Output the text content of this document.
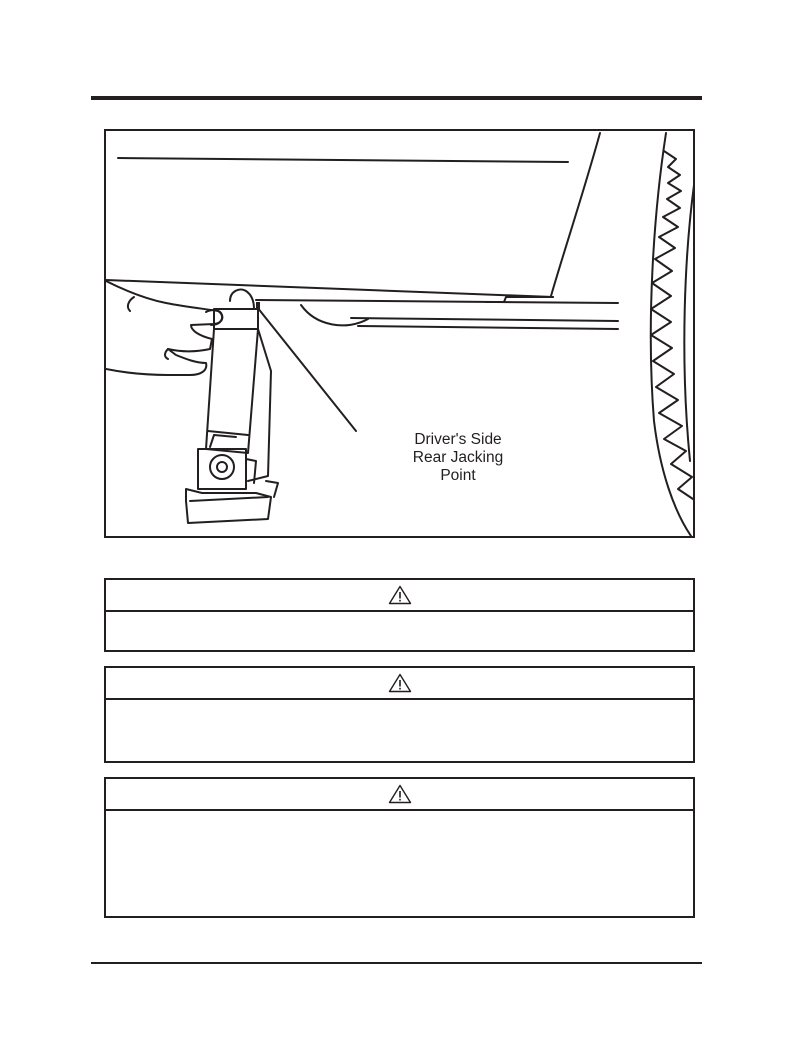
Driver's Side
Rear Jacking
Point
